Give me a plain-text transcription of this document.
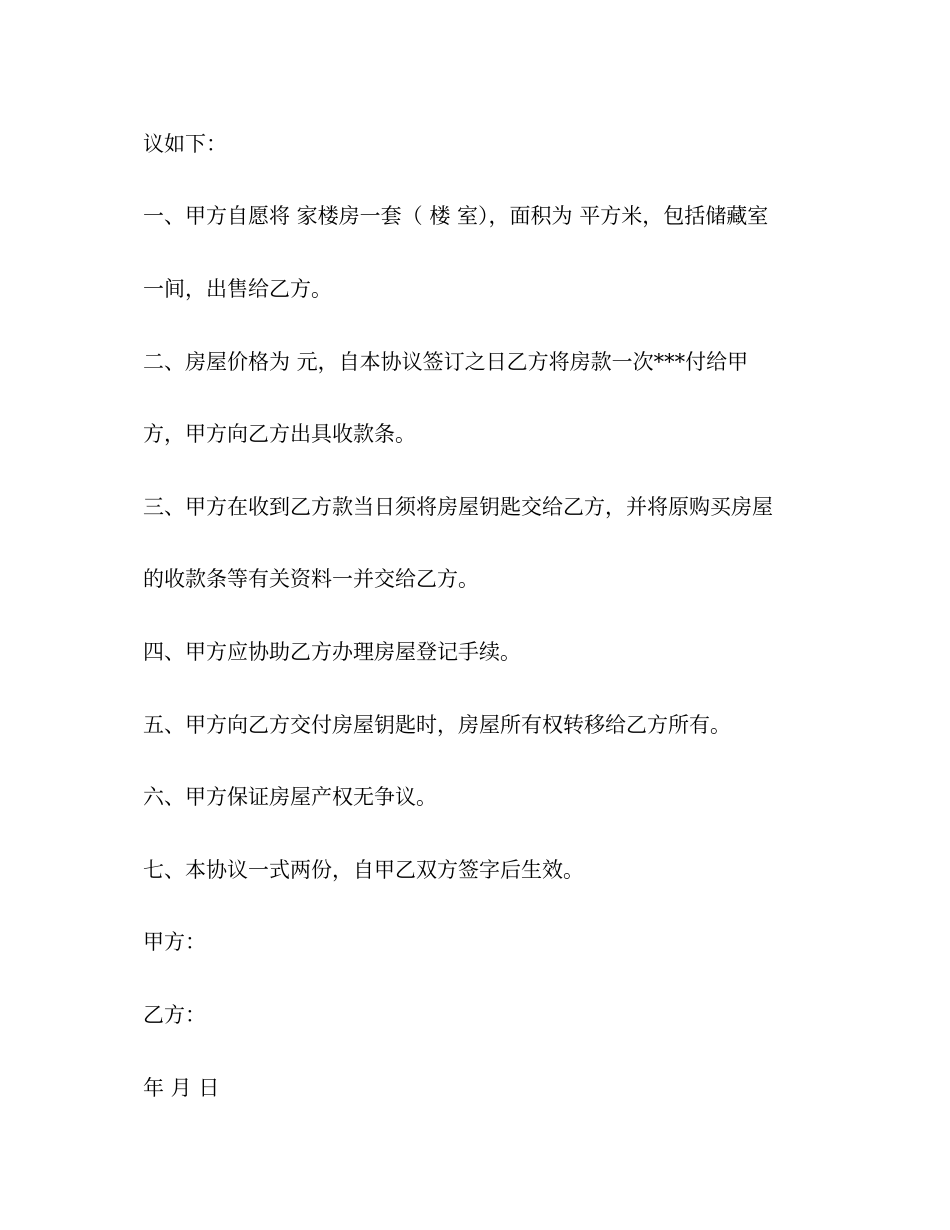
议如下：
一、甲方自愿将 家楼房一套（ 楼 室），面积为 平方米，包括储藏室
一间，出售给乙方。
二、房屋价格为 元，自本协议签订之日乙方将房款一次***付给甲
方，甲方向乙方出具收款条。
三、甲方在收到乙方款当日须将房屋钥匙交给乙方，并将原购买房屋
的收款条等有关资料一并交给乙方。
四、甲方应协助乙方办理房屋登记手续。
五、甲方向乙方交付房屋钥匙时，房屋所有权转移给乙方所有。
六、甲方保证房屋产权无争议。
七、本协议一式两份，自甲乙双方签字后生效。
甲方：
乙方：
年 月 日
